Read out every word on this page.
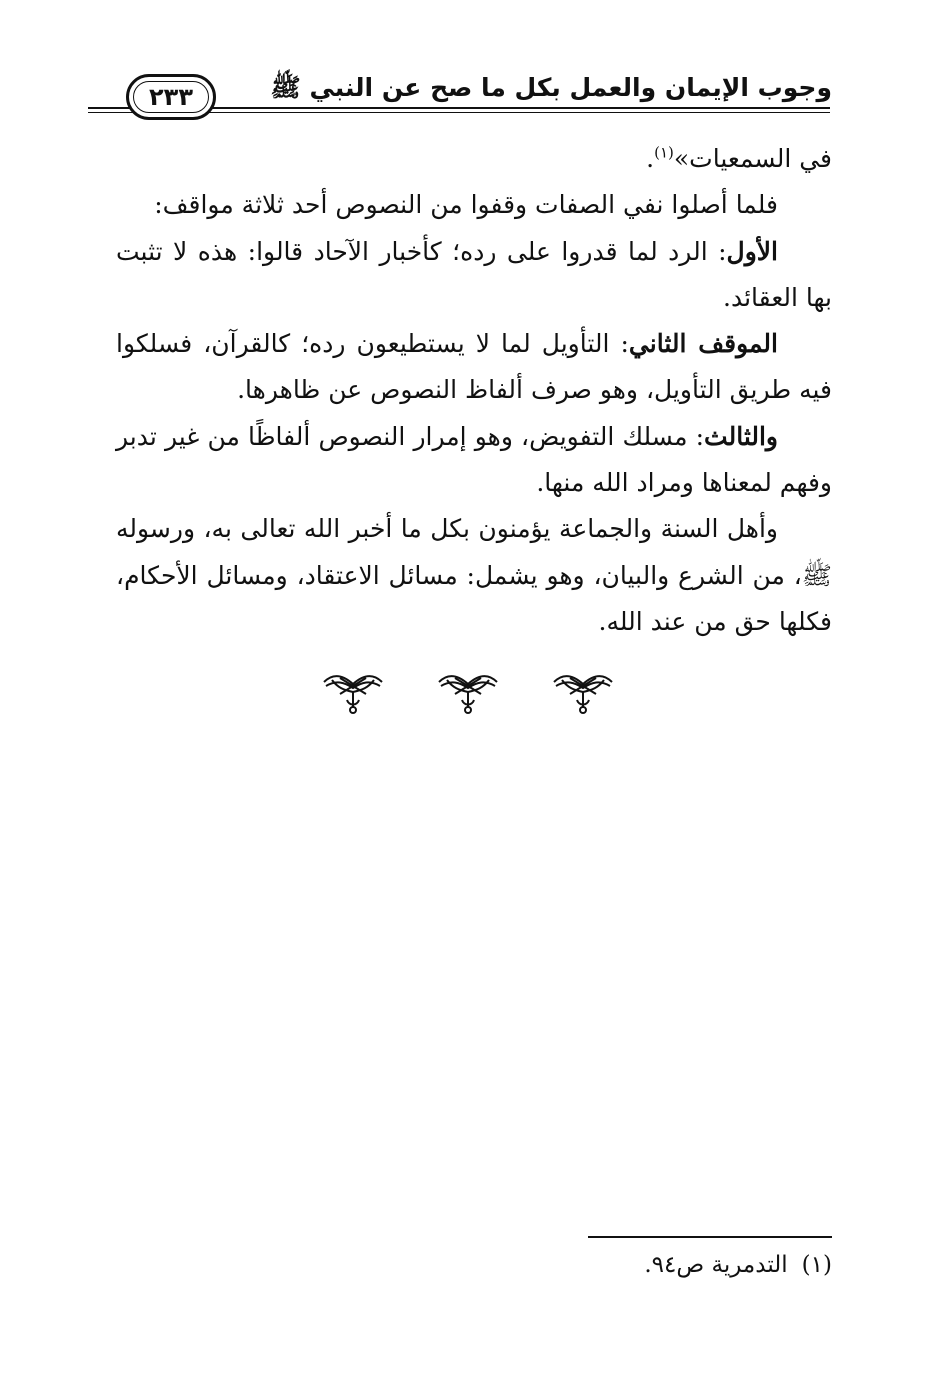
وجوب الإيمان والعمل بكل ما صح عن النبي ﷺ
٢٣٣

في السمعيات»$^{(١)}$.

فلما أصلوا نفي الصفات وقفوا من النصوص أحد ثلاثة مواقف:

الأول: الرد لما قدروا على رده؛ كأخبار الآحاد قالوا: هذه لا تثبت بها العقائد.

الموقف الثاني: التأويل لما لا يستطيعون رده؛ كالقرآن، فسلكوا فيه طريق التأويل، وهو صرف ألفاظ النصوص عن ظاهرها.

والثالث: مسلك التفويض، وهو إمرار النصوص ألفاظًا من غير تدبر وفهم لمعناها ومراد الله منها.

وأهل السنة والجماعة يؤمنون بكل ما أخبر الله تعالى به، ورسوله ﷺ، من الشرع والبيان، وهو يشمل: مسائل الاعتقاد، ومسائل الأحكام، فكلها حق من عند الله.

(١)التدمرية ص٩٤.
